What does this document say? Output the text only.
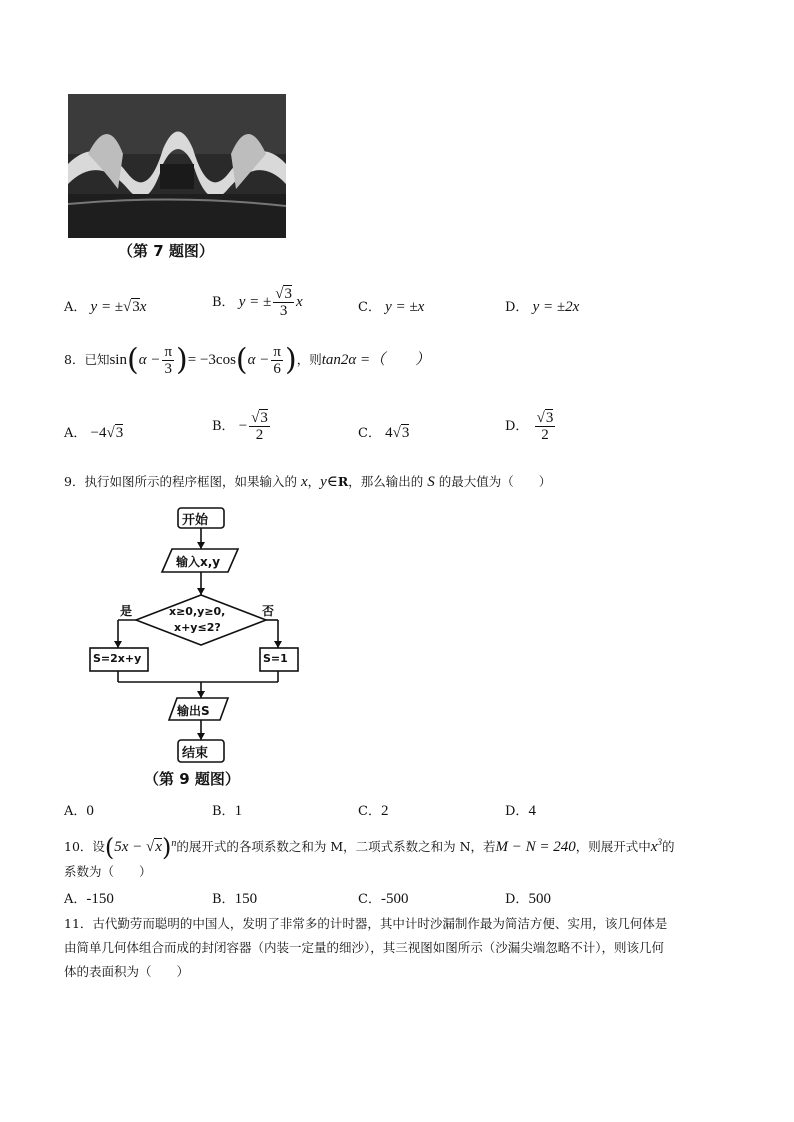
（第 7 题图）
A． y = ±√3x	B． y = ± $\frac{√3}{3}$ x	C． y = ±x	D． y = ±2x
8．已知$\sin(\alpha - \frac{\pi}{3}$ )= $-3\cos(\alpha - \frac{\pi}{6}$ )，则tan2α =（　　）
A． −4√3	B． − $\frac{√3}{2}$	C． 4√3	D． $\frac{√3}{2}$
9．执行如图所示的程序框图，如果输入的 x，y∈R，那么输出的 S 的最大值为（　　）
开始
输入x,y
x≥0,y≥0,
x+y≤2?
是	否
S=2x+y	S=1
输出S
结束
（第 9 题图）
A．0	B．1	C．2	D．4
10．设$(5x - √x)^n$的展开式的各项系数之和为 M，二项式系数之和为 N，若M − N = 240，则展开式中$x^3$的
系数为（　　）
A．-150	B．150	C．-500	D．500
11．古代勤劳而聪明的中国人，发明了非常多的计时器，其中计时沙漏制作最为简洁方便、实用，该几何体是
由简单几何体组合而成的封闭容器（内装一定量的细沙），其三视图如图所示（沙漏尖端忽略不计），则该几何
体的表面积为（　　）
